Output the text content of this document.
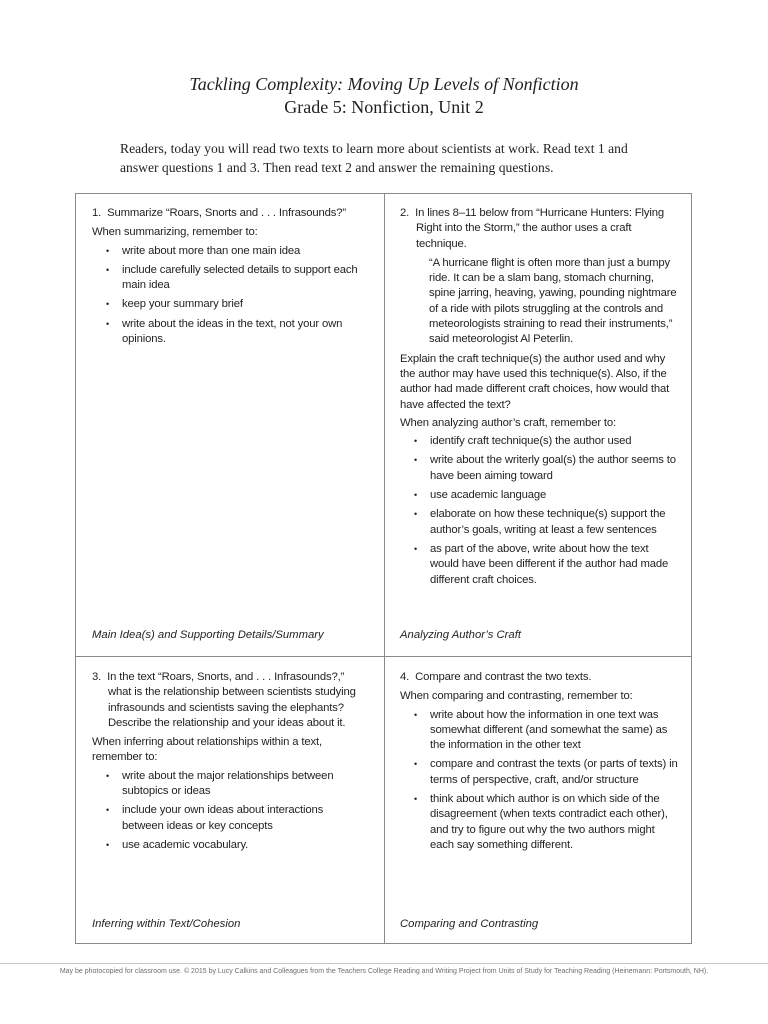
Tackling Complexity: Moving Up Levels of Nonfiction
Grade 5: Nonfiction, Unit 2
Readers, today you will read two texts to learn more about scientists at work. Read text 1 and answer questions 1 and 3. Then read text 2 and answer the remaining questions.

1.  Summarize “Roars, Snorts and . . . Infrasounds?”

When summarizing, remember to:

• write about more than one main idea
• include carefully selected details to support each main idea
• keep your summary brief
• write about the ideas in the text, not your own opinions.
Main Idea(s) and Supporting Details/Summary

2.  In lines 8–11 below from “Hurricane Hunters: Flying Right into the Storm,” the author uses a craft technique.

“A hurricane flight is often more than just a bumpy ride. It can be a slam bang, stomach churning, spine jarring, heaving, yawing, pounding nightmare of a ride with pilots struggling at the controls and meteorologists straining to read their instruments,” said meteorologist Al Peterlin.

Explain the craft technique(s) the author used and why the author may have used this technique(s). Also, if the author had made different craft choices, how would that have affected the text?

When analyzing author’s craft, remember to:

• identify craft technique(s) the author used
• write about the writerly goal(s) the author seems to have been aiming toward
• use academic language
• elaborate on how these technique(s) support the author’s goals, writing at least a few sentences
• as part of the above, write about how the text would have been different if the author had made different craft choices.
Analyzing Author’s Craft

3.  In the text “Roars, Snorts, and . . . Infrasounds?,” what is the relationship between scientists studying infrasounds and scientists saving the elephants? Describe the relationship and your ideas about it.

When inferring about relationships within a text, remember to:

• write about the major relationships between subtopics or ideas
• include your own ideas about interactions between ideas or key concepts
• use academic vocabulary.
Inferring within Text/Cohesion

4.  Compare and contrast the two texts.

When comparing and contrasting, remember to:

• write about how the information in one text was somewhat different (and somewhat the same) as the information in the other text
• compare and contrast the texts (or parts of texts) in terms of perspective, craft, and/or structure
• think about which author is on which side of the disagreement (when texts contradict each other), and try to figure out why the two authors might each say something different.
Comparing and Contrasting
May be photocopied for classroom use. © 2015 by Lucy Calkins and Colleagues from the Teachers College Reading and Writing Project from Units of Study for Teaching Reading (Heinemann: Portsmouth, NH).
